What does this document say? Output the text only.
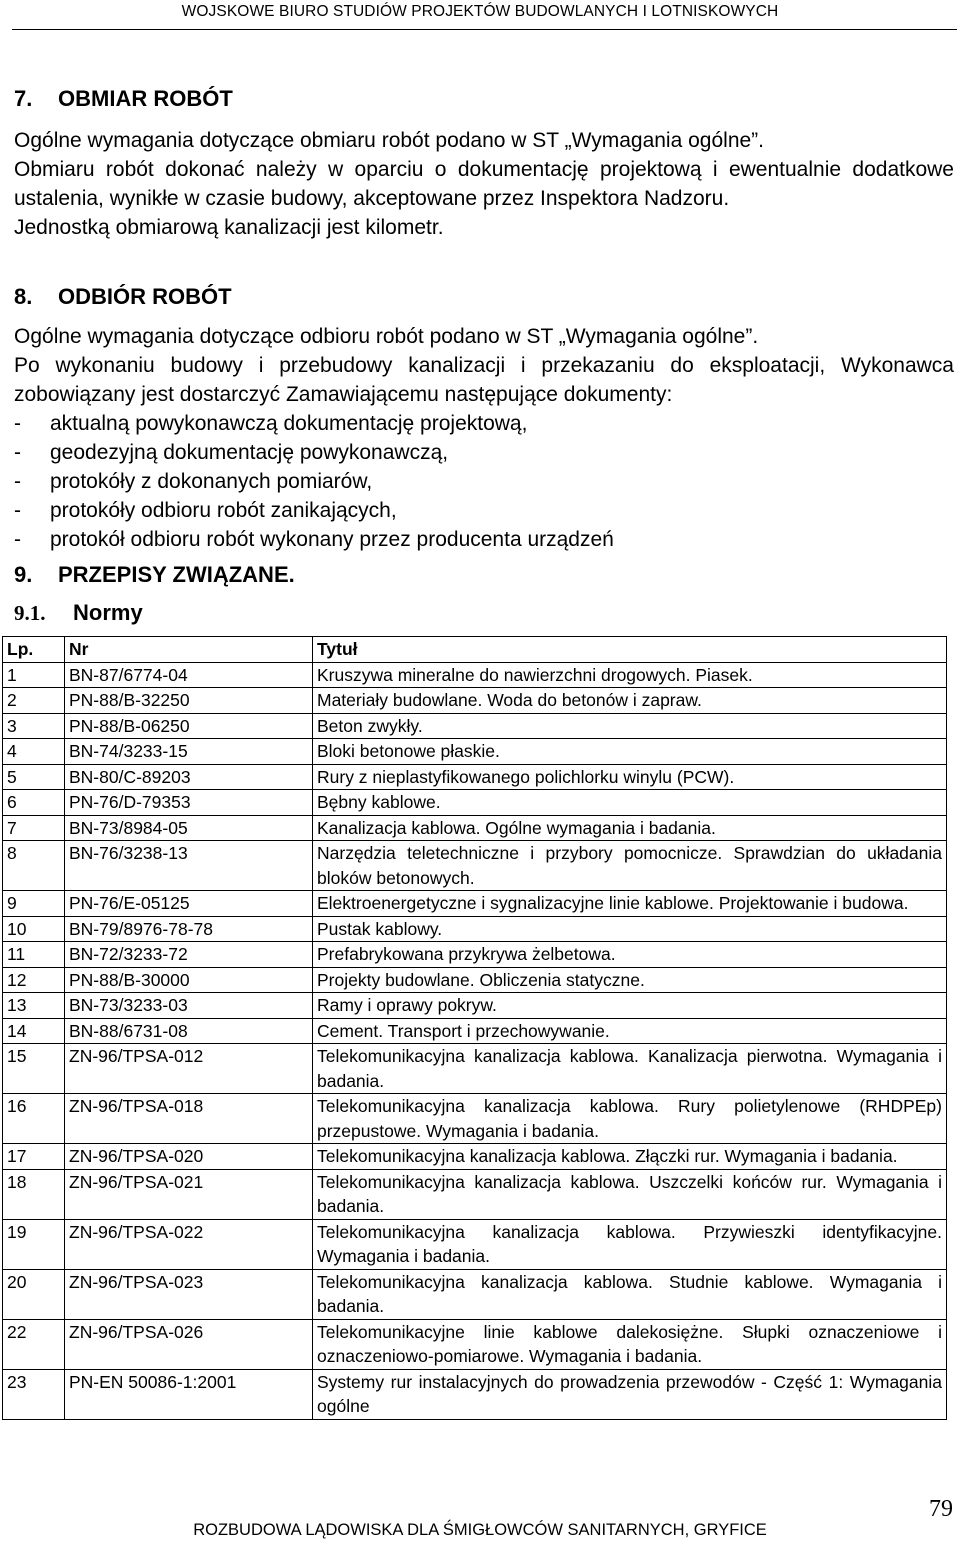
WOJSKOWE BIURO STUDIÓW PROJEKTÓW BUDOWLANYCH I LOTNISKOWYCH
7.	OBMIAR ROBÓT

Ogólne wymagania dotyczące obmiaru robót podano w ST „Wymagania ogólne”.

Obmiaru robót dokonać należy w oparciu o dokumentację projektową i ewentualnie dodatkowe ustalenia, wynikłe w czasie budowy, akceptowane przez Inspektora Nadzoru.

Jednostką obmiarową kanalizacji jest kilometr.

8.	ODBIÓR ROBÓT

Ogólne wymagania dotyczące odbioru robót podano w ST „Wymagania ogólne”.

Po wykonaniu budowy i przebudowy kanalizacji i przekazaniu do eksploatacji, Wykonawca zobowiązany jest dostarczyć Zamawiającemu następujące dokumenty:

-	aktualną powykonawczą dokumentację projektową,
-	geodezyjną dokumentację powykonawczą,
-	protokóły z dokonanych pomiarów,
-	protokóły odbioru robót zanikających,
-	protokół odbioru robót wykonany przez producenta urządzeń
9.	PRZEPISY ZWIĄZANE.
9.1.	Normy
Lp.	Nr	Tytuł
1	BN-87/6774-04	Kruszywa mineralne do nawierzchni drogowych. Piasek.
2	PN-88/B-32250	Materiały budowlane. Woda do betonów i zapraw.
3	PN-88/B-06250	Beton zwykły.
4	BN-74/3233-15	Bloki betonowe płaskie.
5	BN-80/C-89203	Rury z nieplastyfikowanego polichlorku winylu (PCW).
6	PN-76/D-79353	Bębny kablowe.
7	BN-73/8984-05	Kanalizacja kablowa. Ogólne wymagania i badania.
8	BN-76/3238-13	Narzędzia teletechniczne i przybory pomocnicze. Sprawdzian do układania bloków betonowych.
9	PN-76/E-05125	Elektroenergetyczne i sygnalizacyjne linie kablowe. Projektowanie i budowa.
10	BN-79/8976-78-78	Pustak kablowy.
11	BN-72/3233-72	Prefabrykowana przykrywa żelbetowa.
12	PN-88/B-30000	Projekty budowlane. Obliczenia statyczne.
13	BN-73/3233-03	Ramy i oprawy pokryw.
14	BN-88/6731-08	Cement. Transport i przechowywanie.
15	ZN-96/TPSA-012	Telekomunikacyjna kanalizacja kablowa. Kanalizacja pierwotna. Wymagania i badania.
16	ZN-96/TPSA-018	Telekomunikacyjna kanalizacja kablowa. Rury polietylenowe (RHDPEp) przepustowe. Wymagania i badania.
17	ZN-96/TPSA-020	Telekomunikacyjna kanalizacja kablowa. Złączki rur. Wymagania i badania.
18	ZN-96/TPSA-021	Telekomunikacyjna kanalizacja kablowa. Uszczelki końców rur. Wymagania i badania.
19	ZN-96/TPSA-022	Telekomunikacyjna kanalizacja kablowa. Przywieszki identyfikacyjne. Wymagania i badania.
20	ZN-96/TPSA-023	Telekomunikacyjna kanalizacja kablowa. Studnie kablowe. Wymagania i badania.
22	ZN-96/TPSA-026	Telekomunikacyjne linie kablowe dalekosiężne. Słupki oznaczeniowe i oznaczeniowo-pomiarowe. Wymagania i badania.
23	PN-EN 50086-1:2001	Systemy rur instalacyjnych do prowadzenia przewodów - Część 1: Wymagania ogólne
79
ROZBUDOWA LĄDOWISKA DLA ŚMIGŁOWCÓW SANITARNYCH, GRYFICE
